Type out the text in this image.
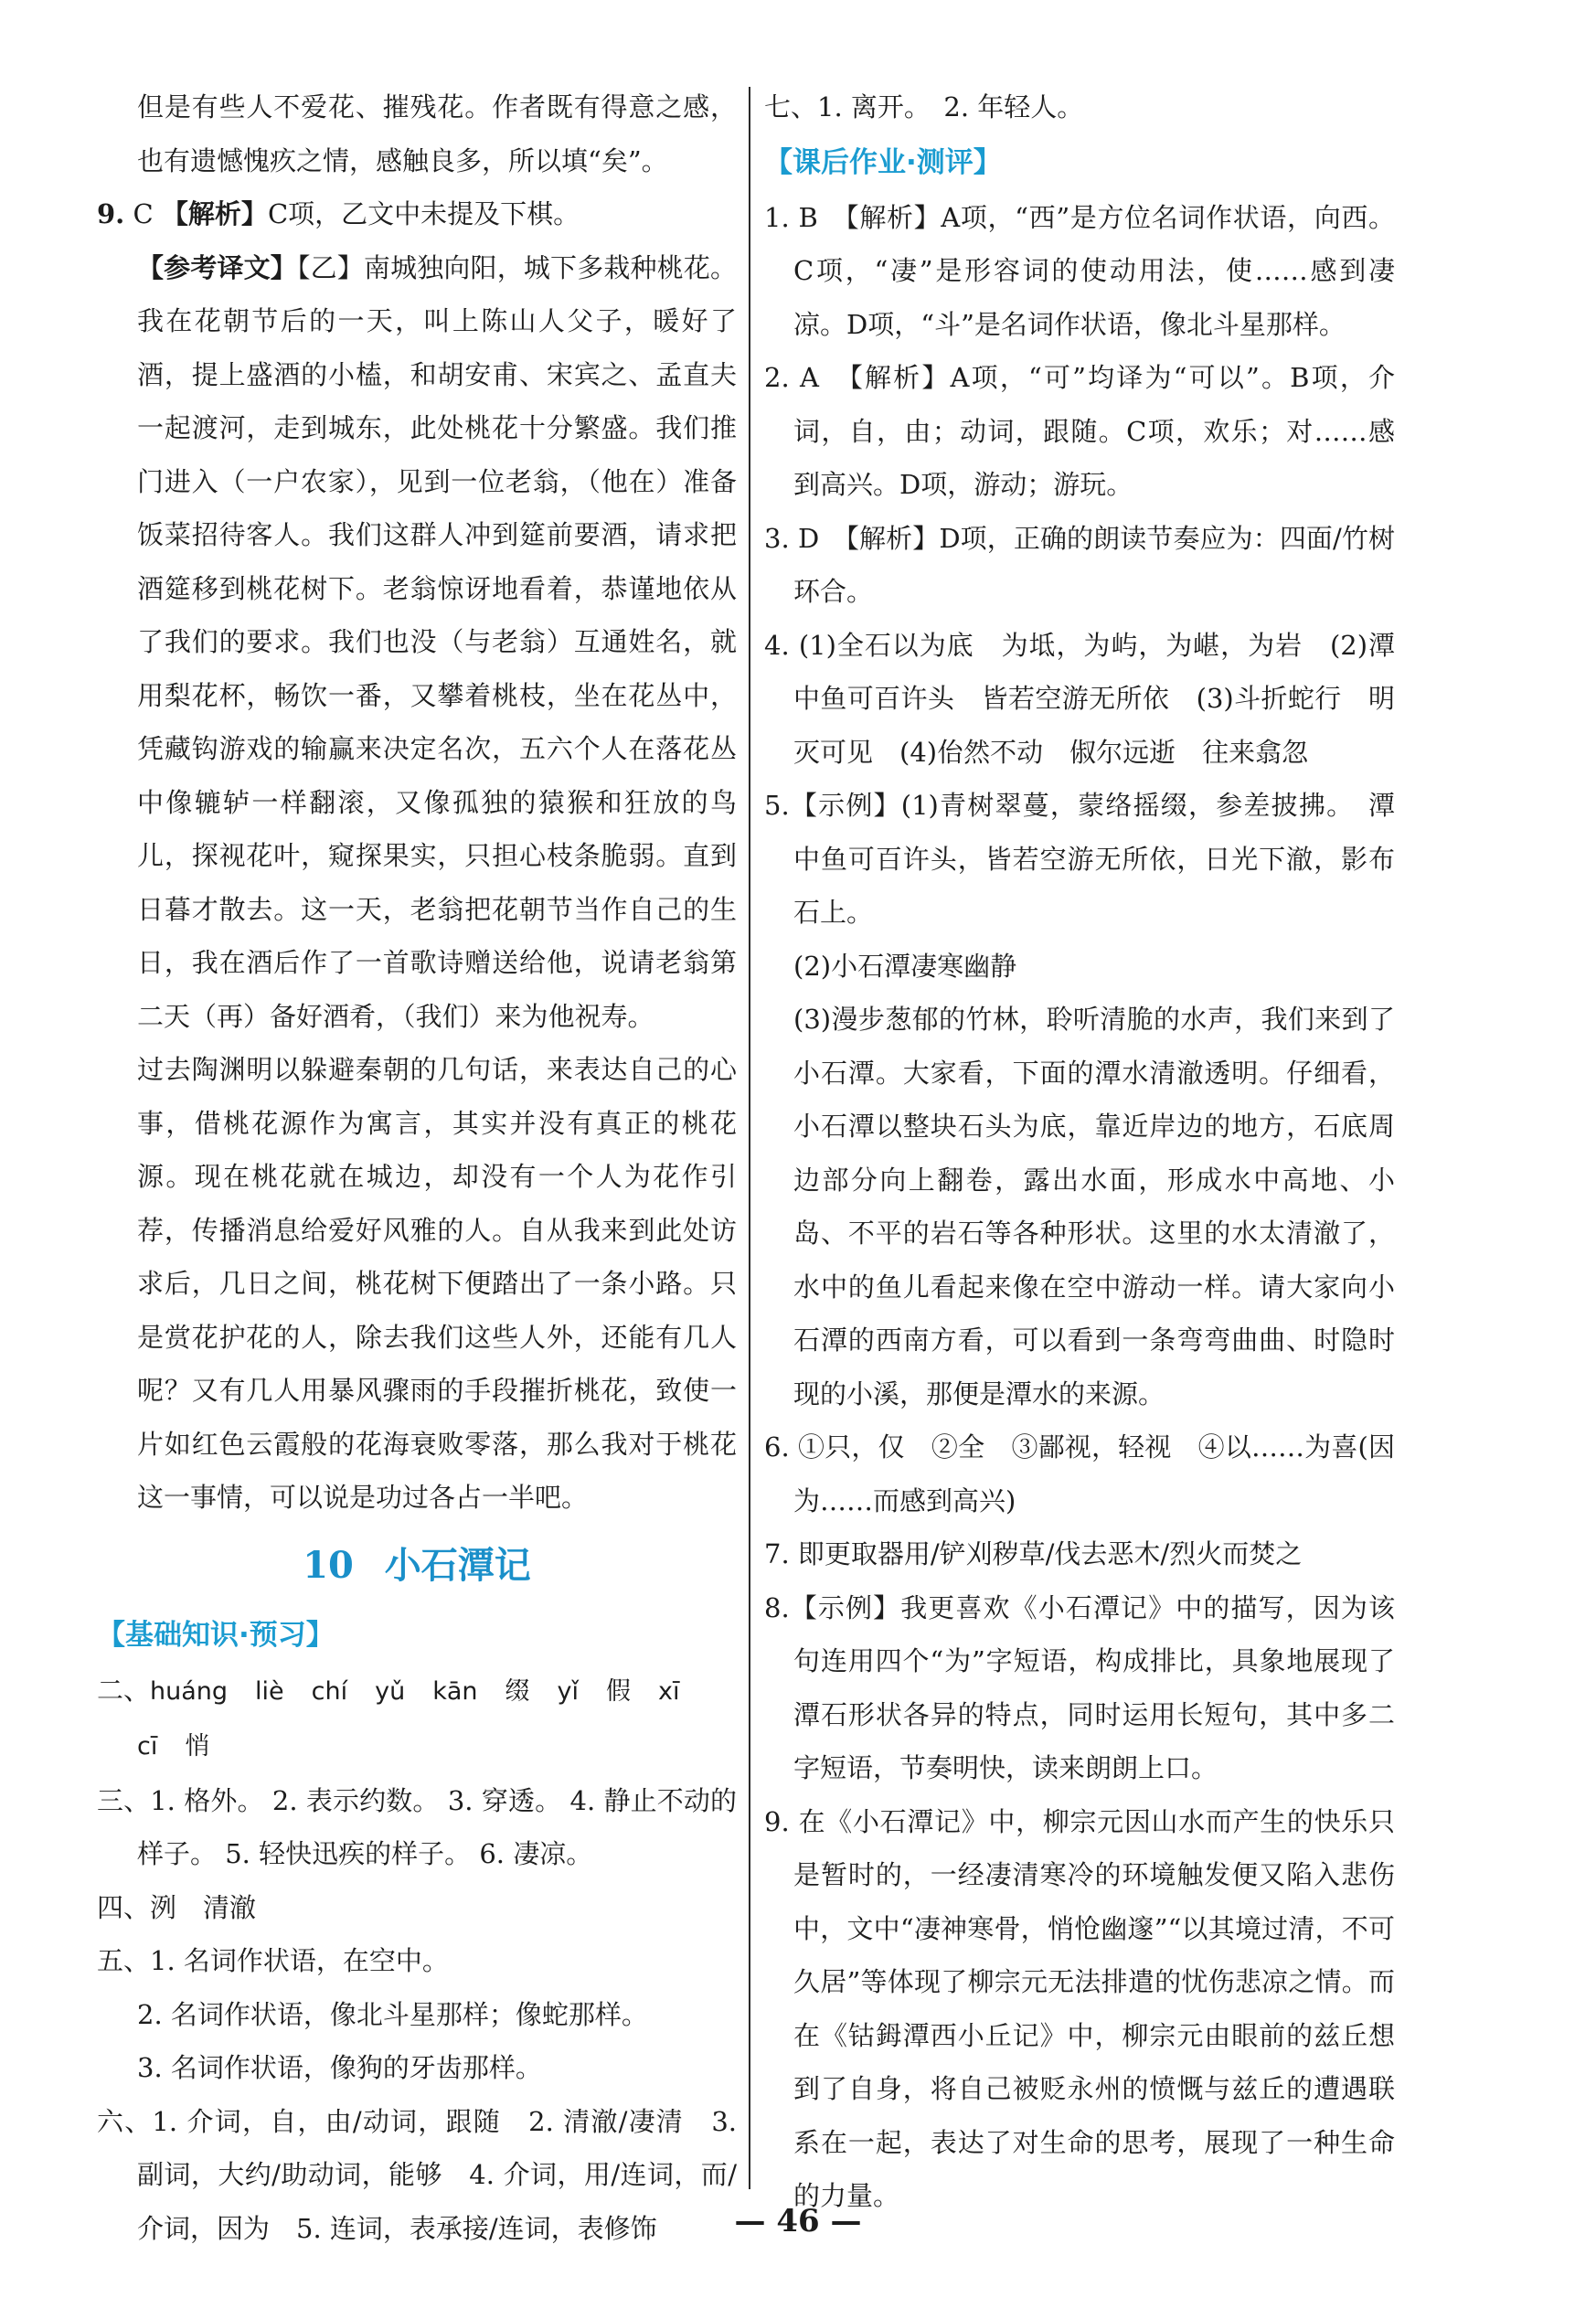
但是有些人不爱花、摧残花。作者既有得意之感，也有遗憾愧疚之情，感触良多，所以填“矣”。

9. C 【解析】C项，乙文中未提及下棋。

【参考译文】【乙】南城独向阳，城下多栽种桃花。我在花朝节后的一天，叫上陈山人父子，暖好了酒，提上盛酒的小榼，和胡安甫、宋宾之、孟直夫一起渡河，走到城东，此处桃花十分繁盛。我们推门进入（一户农家），见到一位老翁，（他在）准备饭菜招待客人。我们这群人冲到筵前要酒，请求把酒筵移到桃花树下。老翁惊讶地看着，恭谨地依从了我们的要求。我们也没（与老翁）互通姓名，就用梨花杯，畅饮一番，又攀着桃枝，坐在花丛中，凭藏钩游戏的输赢来决定名次，五六个人在落花丛中像辘轳一样翻滚，又像孤独的猿猴和狂放的鸟儿，探视花叶，窥探果实，只担心枝条脆弱。直到日暮才散去。这一天，老翁把花朝节当作自己的生日，我在酒后作了一首歌诗赠送给他，说请老翁第二天（再）备好酒肴，（我们）来为他祝寿。

过去陶渊明以躲避秦朝的几句话，来表达自己的心事，借桃花源作为寓言，其实并没有真正的桃花源。现在桃花就在城边，却没有一个人为花作引荐，传播消息给爱好风雅的人。自从我来到此处访求后，几日之间，桃花树下便踏出了一条小路。只是赏花护花的人，除去我们这些人外，还能有几人呢？又有几人用暴风骤雨的手段摧折桃花，致使一片如红色云霞般的花海衰败零落，那么我对于桃花这一事情，可以说是功过各占一半吧。

10 小石潭记

【基础知识·预习】

二、huáng liè chí yǔ kān 缀 yǐ 假 xī

cī 悄

三、1. 格外。 2. 表示约数。 3. 穿透。 4. 静止不动的样子。 5. 轻快迅疾的样子。 6. 凄凉。

四、洌　清澈

五、1. 名词作状语，在空中。

2. 名词作状语，像北斗星那样；像蛇那样。

3. 名词作状语，像狗的牙齿那样。

六、1. 介词，自，由/动词，跟随　2. 清澈/凄清　3. 副词，大约/助动词，能够　4. 介词，用/连词，而/介词，因为　5. 连词，表承接/连词，表修饰

七、1. 离开。　2. 年轻人。

【课后作业·测评】

1. B　【解析】A项，“西”是方位名词作状语，向西。C项，“凄”是形容词的使动用法，使……感到凄凉。D项，“斗”是名词作状语，像北斗星那样。

2. A　【解析】A项，“可”均译为“可以”。B项，介词，自，由；动词，跟随。C项，欢乐；对……感到高兴。D项，游动；游玩。

3. D　【解析】D项，正确的朗读节奏应为：四面/竹树环合。

4. (1)全石以为底　为坻，为屿，为嵁，为岩　(2)潭中鱼可百许头　皆若空游无所依　(3)斗折蛇行　明灭可见　(4)佁然不动　俶尔远逝　往来翕忽

5.【示例】(1)青树翠蔓，蒙络摇缀，参差披拂。　潭中鱼可百许头，皆若空游无所依，日光下澈，影布石上。

(2)小石潭凄寒幽静

(3)漫步葱郁的竹林，聆听清脆的水声，我们来到了小石潭。大家看，下面的潭水清澈透明。仔细看，小石潭以整块石头为底，靠近岸边的地方，石底周边部分向上翻卷，露出水面，形成水中高地、小岛、不平的岩石等各种形状。这里的水太清澈了，水中的鱼儿看起来像在空中游动一样。请大家向小石潭的西南方看，可以看到一条弯弯曲曲、时隐时现的小溪，那便是潭水的来源。

6. ①只，仅　②全　③鄙视，轻视　④以……为喜(因为……而感到高兴)

7. 即更取器用/铲刈秽草/伐去恶木/烈火而焚之

8.【示例】我更喜欢《小石潭记》中的描写，因为该句连用四个“为”字短语，构成排比，具象地展现了潭石形状各异的特点，同时运用长短句，其中多二字短语，节奏明快，读来朗朗上口。

9. 在《小石潭记》中，柳宗元因山水而产生的快乐只是暂时的，一经凄清寒冷的环境触发便又陷入悲伤中，文中“凄神寒骨，悄怆幽邃”“以其境过清，不可久居”等体现了柳宗元无法排遣的忧伤悲凉之情。而在《钴鉧潭西小丘记》中，柳宗元由眼前的兹丘想到了自身，将自己被贬永州的愤慨与兹丘的遭遇联系在一起，表达了对生命的思考，展现了一种生命的力量。

— 46 —
